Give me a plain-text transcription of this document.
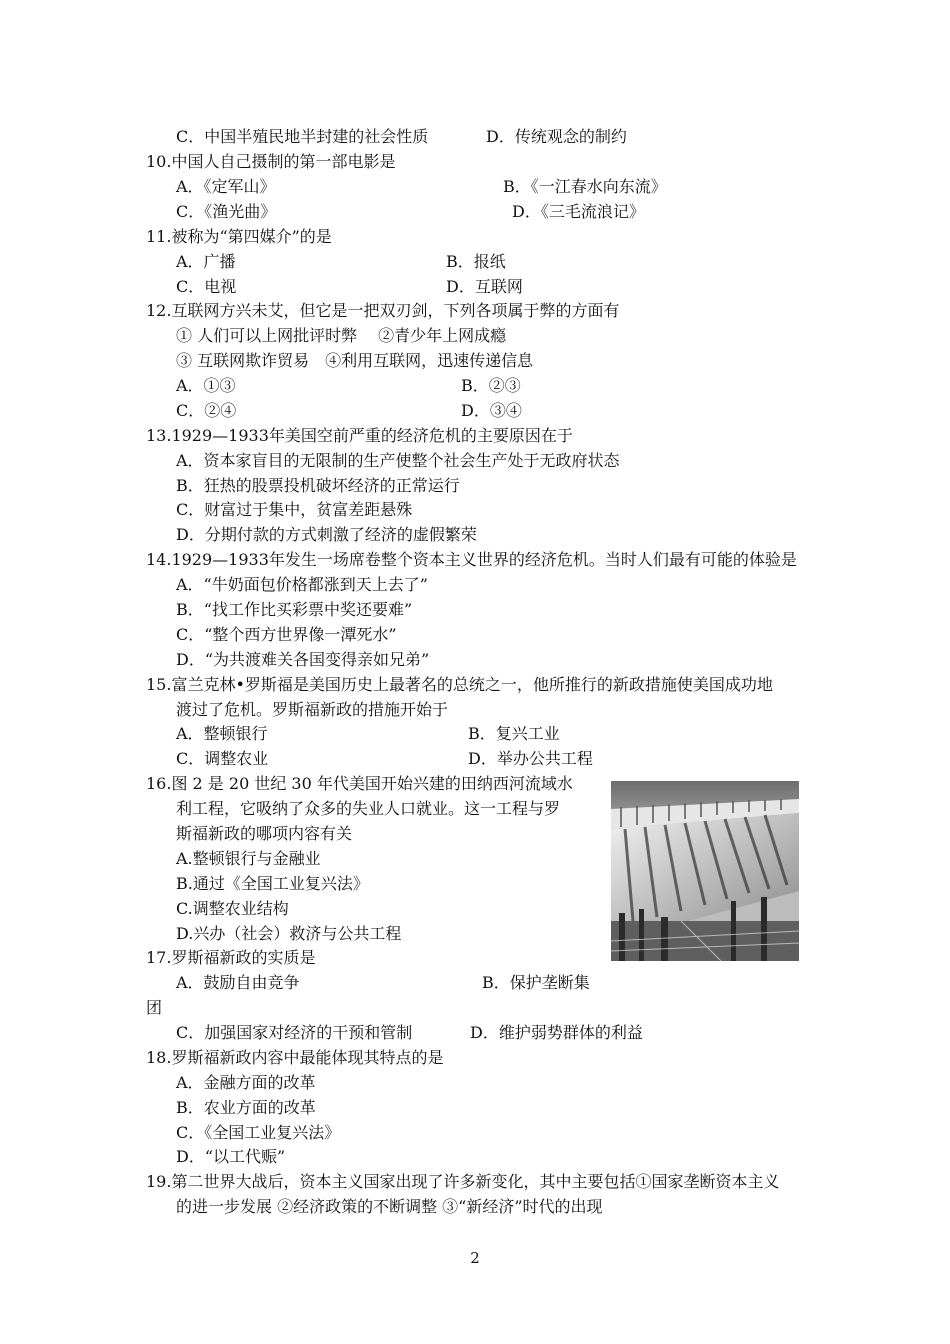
C．中国半殖民地半封建的社会性质	D．传统观念的制约
10.中国人自己摄制的第一部电影是
A．《定军山》	B．《一江春水向东流》
C．《渔光曲》	D．《三毛流浪记》
11.被称为“第四媒介”的是
A．广播	B．报纸
C．电视	D．互联网
12.互联网方兴未艾，但它是一把双刃剑，下列各项属于弊的方面有
① 人们可以上网批评时弊　 ②青少年上网成瘾
③ 互联网欺诈贸易　④利用互联网，迅速传递信息
A．①③	B．②③
C．②④	D．③④
13.1929—1933年美国空前严重的经济危机的主要原因在于
A．资本家盲目的无限制的生产使整个社会生产处于无政府状态
B．狂热的股票投机破坏经济的正常运行
C．财富过于集中，贫富差距悬殊
D．分期付款的方式刺激了经济的虚假繁荣
14.1929—1933年发生一场席卷整个资本主义世界的经济危机。当时人们最有可能的体验是
A．“牛奶面包价格都涨到天上去了”
B．“找工作比买彩票中奖还要难”
C．“整个西方世界像一潭死水”
D．“为共渡难关各国变得亲如兄弟”
15.富兰克林•罗斯福是美国历史上最著名的总统之一，他所推行的新政措施使美国成功地
渡过了危机。罗斯福新政的措施开始于
A．整顿银行	B．复兴工业
C．调整农业	D．举办公共工程
16.图 2 是 20 世纪 30 年代美国开始兴建的田纳西河流域水
利工程，它吸纳了众多的失业人口就业。这一工程与罗
斯福新政的哪项内容有关
A.整顿银行与金融业
B.通过《全国工业复兴法》
C.调整农业结构
D.兴办（社会）救济与公共工程
17.罗斯福新政的实质是
A．鼓励自由竞争	B．保护垄断集
团
C．加强国家对经济的干预和管制	D．维护弱势群体的利益
18.罗斯福新政内容中最能体现其特点的是
A．金融方面的改革
B．农业方面的改革
C．《全国工业复兴法》
D．“以工代赈”
19.第二世界大战后，资本主义国家出现了许多新变化，其中主要包括①国家垄断资本主义
的进一步发展 ②经济政策的不断调整 ③“新经济”时代的出现
2
